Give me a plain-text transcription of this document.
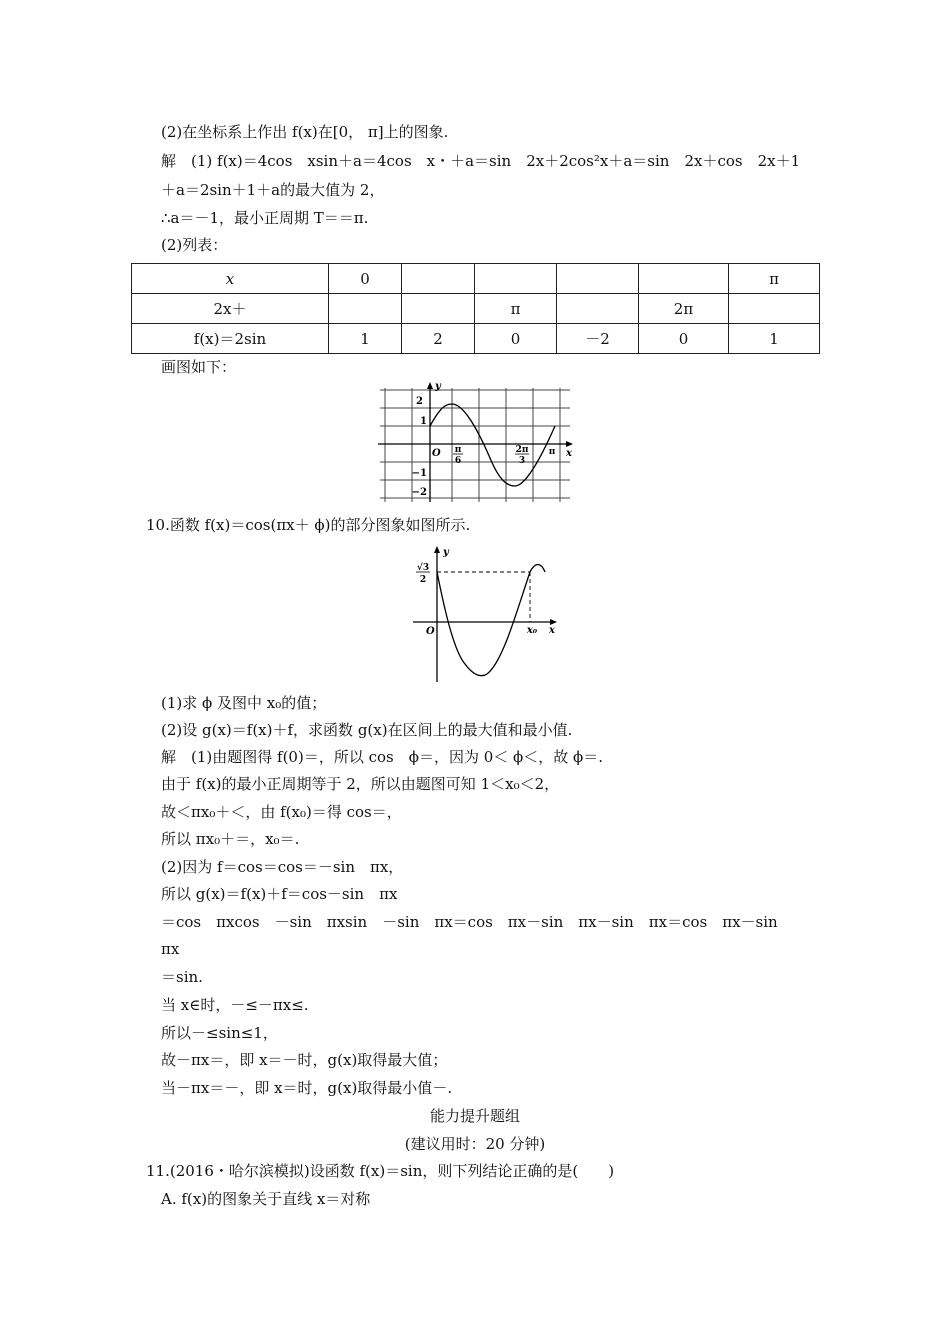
(2)在坐标系上作出 f(x)在[0， π]上的图象.
解　(1) f(x)＝4cos　xsin＋a＝4cos　x・＋a＝sin　2x＋2cos²x＋a＝sin　2x＋cos　2x＋1
＋a＝2sin＋1＋a的最大值为 2，
∴a＝－1，最小正周期 T＝＝π.
(2)列表：
x	0					π
2x＋			π		2π	
f(x)＝2sin	1	2	0	－2	0	1
画图如下：
y
x
O
2
1
−1
−2
π
6
2π
3
π
10.函数 f(x)＝cos(πx＋ ϕ)的部分图象如图所示.
y
x
O
√3
2
x₀
(1)求 ϕ 及图中 x₀的值；
(2)设 g(x)＝f(x)＋f，求函数 g(x)在区间上的最大值和最小值.
解　(1)由题图得 f(0)＝，所以 cos　ϕ＝，因为 0＜ ϕ＜，故 ϕ＝.
由于 f(x)的最小正周期等于 2，所以由题图可知 1＜x₀＜2，
故＜πx₀＋＜，由 f(x₀)＝得 cos＝，
所以 πx₀＋＝，x₀＝.
(2)因为 f＝cos＝cos＝－sin　πx，
所以 g(x)＝f(x)＋f＝cos－sin　πx
＝cos　πxcos　－sin　πxsin　－sin　πx＝cos　πx－sin　πx－sin　πx＝cos　πx－sin
πx
＝sin.
当 x∈时，－≤－πx≤.
所以－≤sin≤1，
故－πx＝，即 x＝－时，g(x)取得最大值；
当－πx＝－，即 x＝时，g(x)取得最小值－.
能力提升题组
(建议用时：20 分钟)
11.(2016・哈尔滨模拟)设函数 f(x)＝sin，则下列结论正确的是(　　)
A. f(x)的图象关于直线 x＝对称
